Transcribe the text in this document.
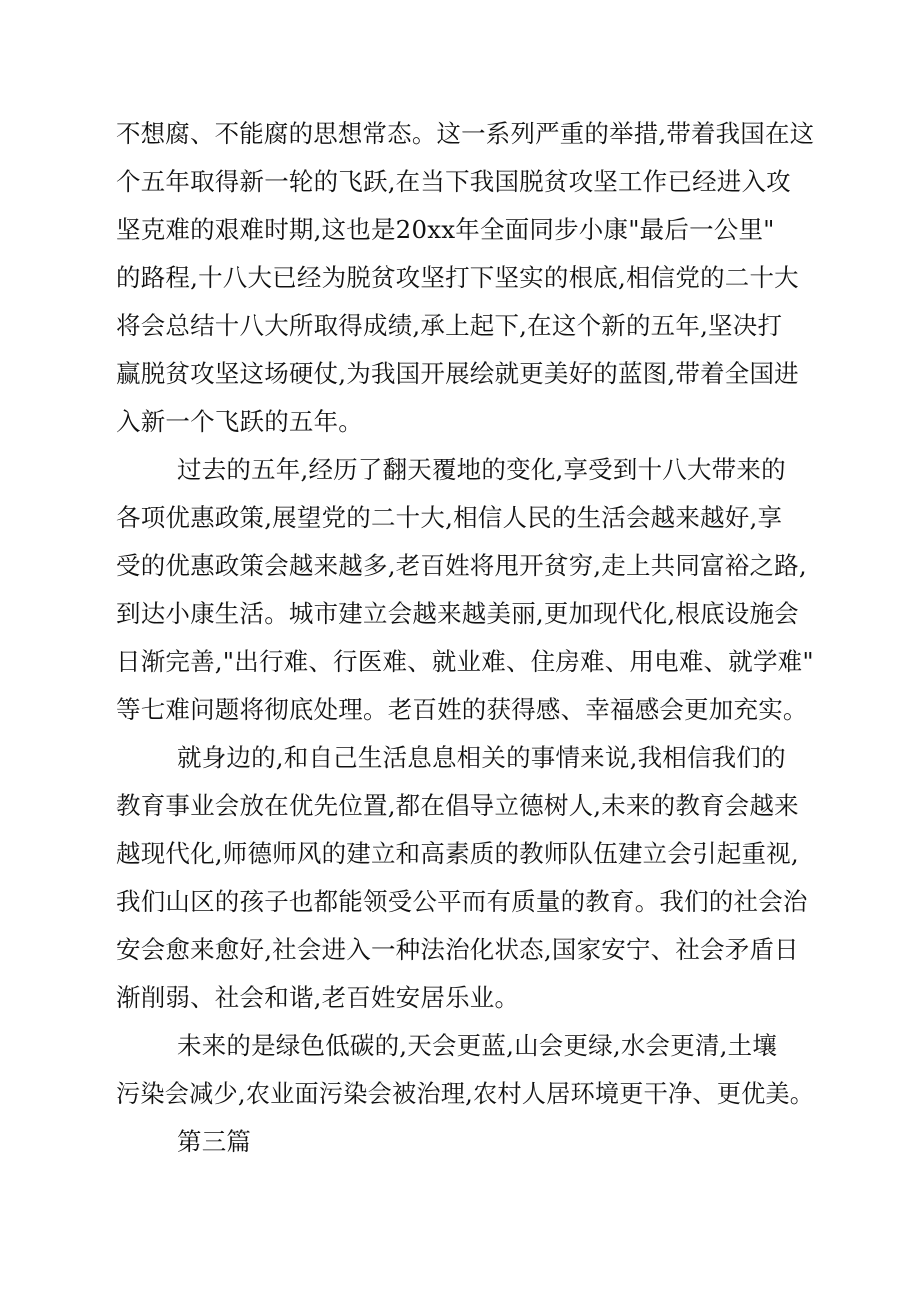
不想腐、不能腐的思想常态。这一系列严重的举措,带着我国在这
个五年取得新一轮的飞跃,在当下我国脱贫攻坚工作已经进入攻
坚克难的艰难时期,这也是20xx年全面同步小康"最后一公里"
的路程,十八大已经为脱贫攻坚打下坚实的根底,相信党的二十大
将会总结十八大所取得成绩,承上起下,在这个新的五年,坚决打
赢脱贫攻坚这场硬仗,为我国开展绘就更美好的蓝图,带着全国进
入新一个飞跃的五年。
过去的五年,经历了翻天覆地的变化,享受到十八大带来的
各项优惠政策,展望党的二十大,相信人民的生活会越来越好,享
受的优惠政策会越来越多,老百姓将甩开贫穷,走上共同富裕之路,
到达小康生活。城市建立会越来越美丽,更加现代化,根底设施会
日渐完善,"出行难、行医难、就业难、住房难、用电难、就学难"
等七难问题将彻底处理。老百姓的获得感、幸福感会更加充实。
就身边的,和自己生活息息相关的事情来说,我相信我们的
教育事业会放在优先位置,都在倡导立德树人,未来的教育会越来
越现代化,师德师风的建立和高素质的教师队伍建立会引起重视,
我们山区的孩子也都能领受公平而有质量的教育。我们的社会治
安会愈来愈好,社会进入一种法治化状态,国家安宁、社会矛盾日
渐削弱、社会和谐,老百姓安居乐业。
未来的是绿色低碳的,天会更蓝,山会更绿,水会更清,土壤
污染会减少,农业面污染会被治理,农村人居环境更干净、更优美。
第三篇
